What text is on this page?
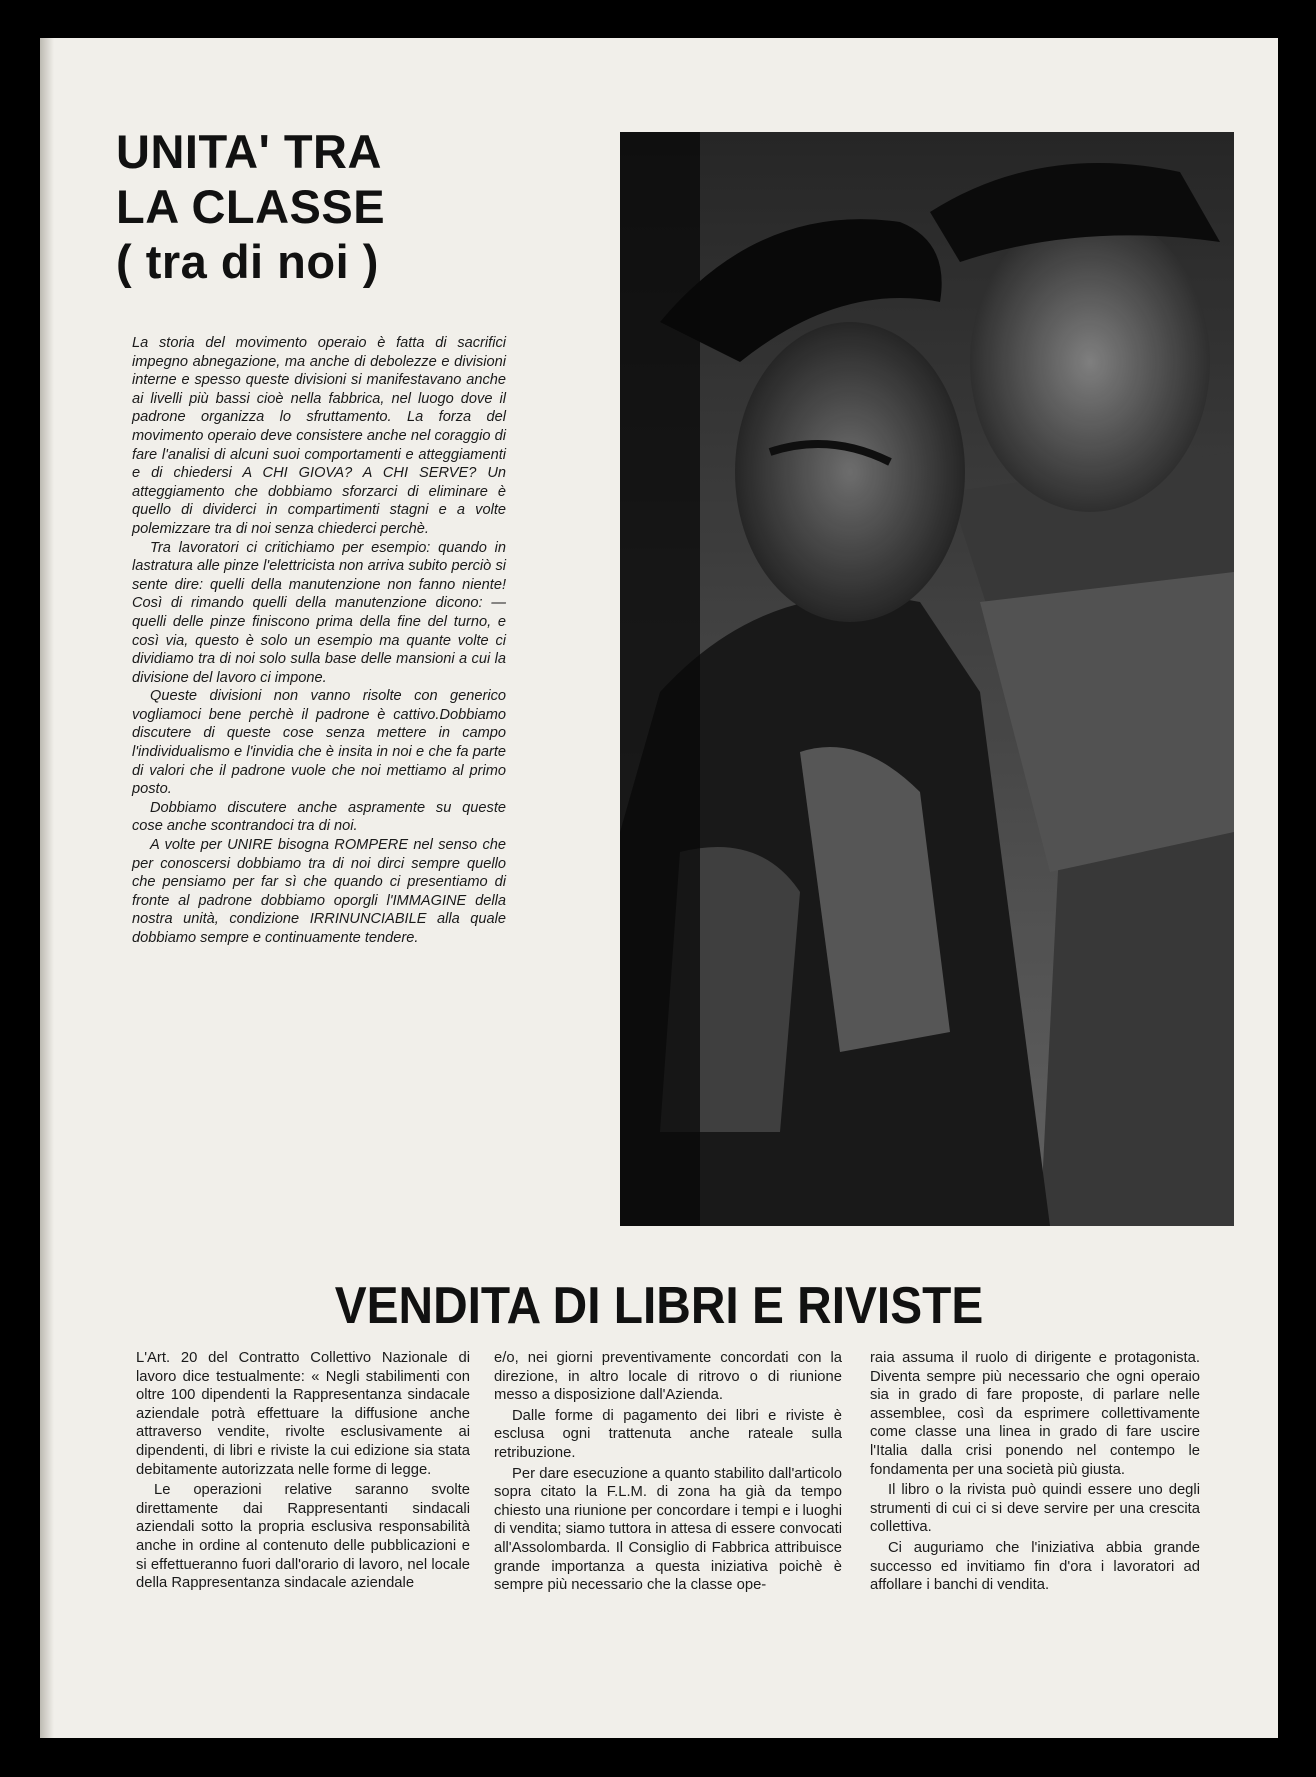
UNITA' TRA
LA CLASSE
( tra di noi )

La storia del movimento operaio è fatta di sacrifici impegno abnegazione, ma anche di debolezze e divisioni interne e spesso queste divisioni si manifestavano anche ai livelli più bassi cioè nella fabbrica, nel luogo dove il padrone organizza lo sfruttamento. La forza del movimento operaio deve consistere anche nel coraggio di fare l'analisi di alcuni suoi comportamenti e atteggiamenti e di chiedersi A CHI GIOVA? A CHI SERVE? Un atteggiamento che dobbiamo sforzarci di eliminare è quello di dividerci in compartimenti stagni e a volte polemizzare tra di noi senza chiederci perchè.

Tra lavoratori ci critichiamo per esempio: quando in lastratura alle pinze l'elettricista non arriva subito perciò si sente dire: quelli della manutenzione non fanno niente! Così di rimando quelli della manutenzione dicono: — quelli delle pinze finiscono prima della fine del turno, e così via, questo è solo un esempio ma quante volte ci dividiamo tra di noi solo sulla base delle mansioni a cui la divisione del lavoro ci impone.

Queste divisioni non vanno risolte con generico vogliamoci bene perchè il padrone è cattivo.Dobbiamo discutere di queste cose senza mettere in campo l'individualismo e l'invidia che è insita in noi e che fa parte di valori che il padrone vuole che noi mettiamo al primo posto.

Dobbiamo discutere anche aspramente su queste cose anche scontrandoci tra di noi.

A volte per UNIRE bisogna ROMPERE nel senso che per conoscersi dobbiamo tra di noi dirci sempre quello che pensiamo per far sì che quando ci presentiamo di fronte al padrone dobbiamo oporgli l'IMMAGINE della nostra unità, condizione IRRINUNCIABILE alla quale dobbiamo sempre e continuamente tendere.

VENDITA DI LIBRI E RIVISTE

L'Art. 20 del Contratto Collettivo Nazionale di lavoro dice testualmente: « Negli stabilimenti con oltre 100 dipendenti la Rappresentanza sindacale aziendale potrà effettuare la diffusione anche attraverso vendite, rivolte esclusivamente ai dipendenti, di libri e riviste la cui edizione sia stata debitamente autorizzata nelle forme di legge.

Le operazioni relative saranno svolte direttamente dai Rappresentanti sindacali aziendali sotto la propria esclusiva responsabilità anche in ordine al contenuto delle pubblicazioni e si effettueranno fuori dall'orario di lavoro, nel locale della Rappresentanza sindacale aziendale

e/o, nei giorni preventivamente concordati con la direzione, in altro locale di ritrovo o di riunione messo a disposizione dall'Azienda.

Dalle forme di pagamento dei libri e riviste è esclusa ogni trattenuta anche rateale sulla retribuzione.

Per dare esecuzione a quanto stabilito dall'articolo sopra citato la F.L.M. di zona ha già da tempo chiesto una riunione per concordare i tempi e i luoghi di vendita; siamo tuttora in attesa di essere convocati all'Assolombarda. Il Consiglio di Fabbrica attribuisce grande importanza a questa iniziativa poichè è sempre più necessario che la classe ope-

raia assuma il ruolo di dirigente e protagonista. Diventa sempre più necessario che ogni operaio sia in grado di fare proposte, di parlare nelle assemblee, così da esprimere collettivamente come classe una linea in grado di fare uscire l'Italia dalla crisi ponendo nel contempo le fondamenta per una società più giusta.

Il libro o la rivista può quindi essere uno degli strumenti di cui ci si deve servire per una crescita collettiva.

Ci auguriamo che l'iniziativa abbia grande successo ed invitiamo fin d'ora i lavoratori ad affollare i banchi di vendita.
